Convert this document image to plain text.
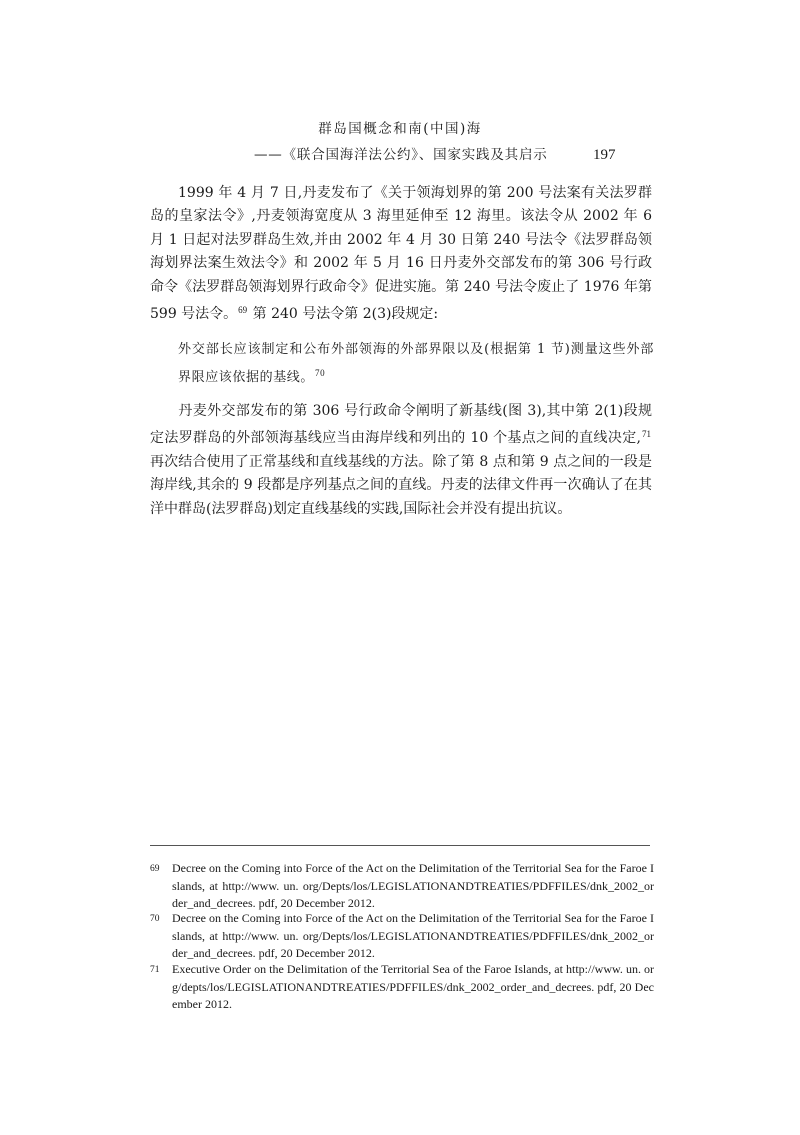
群岛国概念和南(中国)海
——《联合国海洋法公约》、国家实践及其启示	197

1999 年 4 月 7 日,丹麦发布了《关于领海划界的第 200 号法案有关法罗群岛的皇家法令》,丹麦领海宽度从 3 海里延伸至 12 海里。该法令从 2002 年 6 月 1 日起对法罗群岛生效,并由 2002 年 4 月 30 日第 240 号法令《法罗群岛领海划界法案生效法令》和 2002 年 5 月 16 日丹麦外交部发布的第 306 号行政命令《法罗群岛领海划界行政命令》促进实施。第 240 号法令废止了 1976 年第599 号法令。$^{69}$ 第 240 号法令第 2(3)段规定:

外交部长应该制定和公布外部领海的外部界限以及(根据第 1 节)测量这些外部界限应该依据的基线。$^{70}$

丹麦外交部发布的第 306 号行政命令阐明了新基线(图 3),其中第 2(1)段规定法罗群岛的外部领海基线应当由海岸线和列出的 10 个基点之间的直线决定,$^{71}$再次结合使用了正常基线和直线基线的方法。除了第 8 点和第 9 点之间的一段是海岸线,其余的 9 段都是序列基点之间的直线。丹麦的法律文件再一次确认了在其洋中群岛(法罗群岛)划定直线基线的实践,国际社会并没有提出抗议。

69 Decree on the Coming into Force of the Act on the Delimitation of the Territorial Sea for the Faroe Islands, at http://www. un. org/Depts/los/LEGISLATIONANDTREATIES/PDFFILES/dnk_2002_order_and_decrees. pdf, 20 December 2012.
70 Decree on the Coming into Force of the Act on the Delimitation of the Territorial Sea for the Faroe Islands, at http://www. un. org/Depts/los/LEGISLATIONANDTREATIES/PDFFILES/dnk_2002_order_and_decrees. pdf, 20 December 2012.
71 Executive Order on the Delimitation of the Territorial Sea of the Faroe Islands, at http://www. un. org/depts/los/LEGISLATIONANDTREATIES/PDFFILES/dnk_2002_order_and_decrees. pdf, 20 December 2012.
